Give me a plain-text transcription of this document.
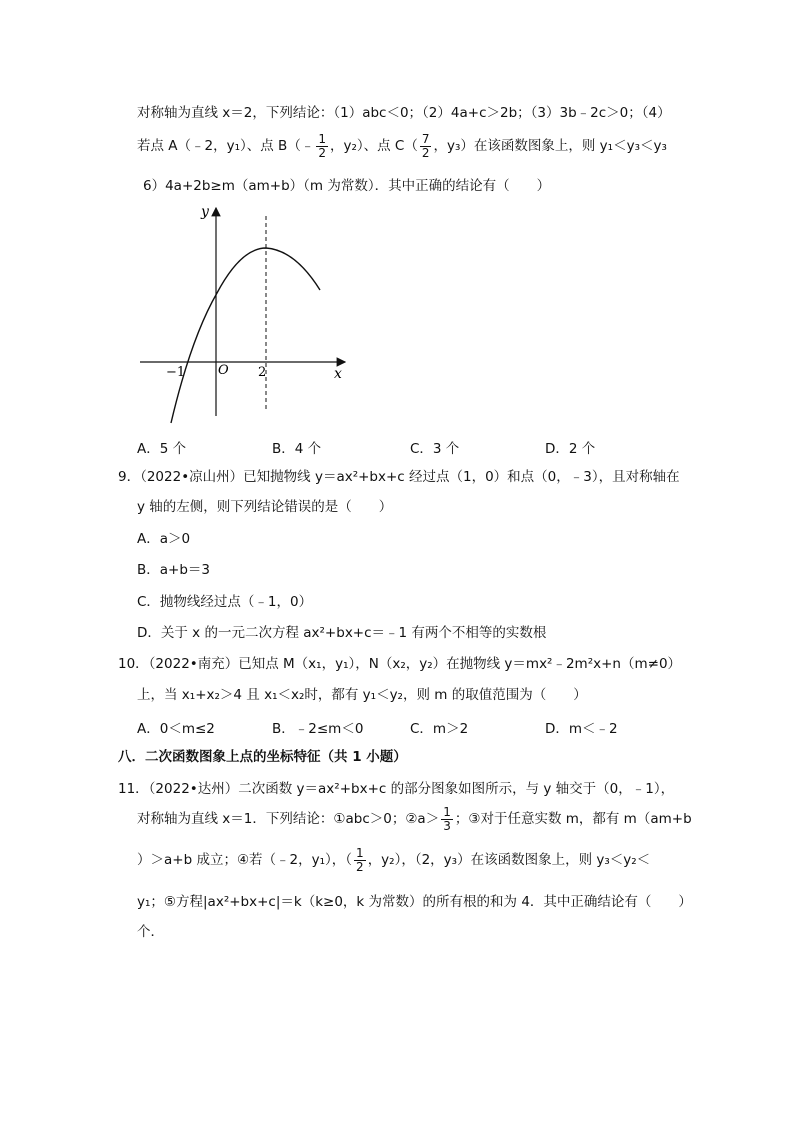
对称轴为直线 x＝2，下列结论：（1）abc＜0；（2）4a+c＞2b；（3）3b﹣2c＞0；（4）
若点 A（﹣2，y₁）、点 B（﹣ $\frac{1}{2}$ ，y₂）、点 $C( \frac{7}{2}$ ，y₃）在该函数图象上，则 y₁＜y₃＜y₃
6）4a+2b≥m（am+b）（m 为常数）．其中正确的结论有（　　）
y
x
O
−1	2
A．5 个	B．4 个	C．3 个	D．2 个
9．（2022•凉山州）已知抛物线 y＝ax²+bx+c 经过点（1，0）和点（0，﹣3），且对称轴在
y 轴的左侧，则下列结论错误的是（　　）
A．a＞0
B．a+b＝3
C．抛物线经过点（﹣1，0）
D．关于 x 的一元二次方程 ax²+bx+c＝﹣1 有两个不相等的实数根
10．（2022•南充）已知点 M（x₁，y₁），N（x₂，y₂）在抛物线 y＝mx²﹣2m²x+n（m≠0）
上，当 x₁+x₂＞4 且 x₁＜x₂时，都有 y₁＜y₂，则 m 的取值范围为（　　）
A．0＜m≤2	B．﹣2≤m＜0	C．m＞2	D．m＜﹣2
八．二次函数图象上点的坐标特征（共 1 小题）
11．（2022•达州）二次函数 y＝ax²+bx+c 的部分图象如图所示，与 y 轴交于（0，﹣1），
对称轴为直线 x＝1．下列结论：①abc＞0；②a＞ $\frac{1}{3}$ ；③对于任意实数 m，都有 m（am+b
）＞a+b 成立；④若（﹣2，y₁），（ $\frac{1}{2}$ ，y₂），（2，y₃）在该函数图象上，则 y₃＜y₂＜
y₁；⑤方程|ax²+bx+c|＝k（k≥0，k 为常数）的所有根的和为 4．其中正确结论有（　　）
个．
